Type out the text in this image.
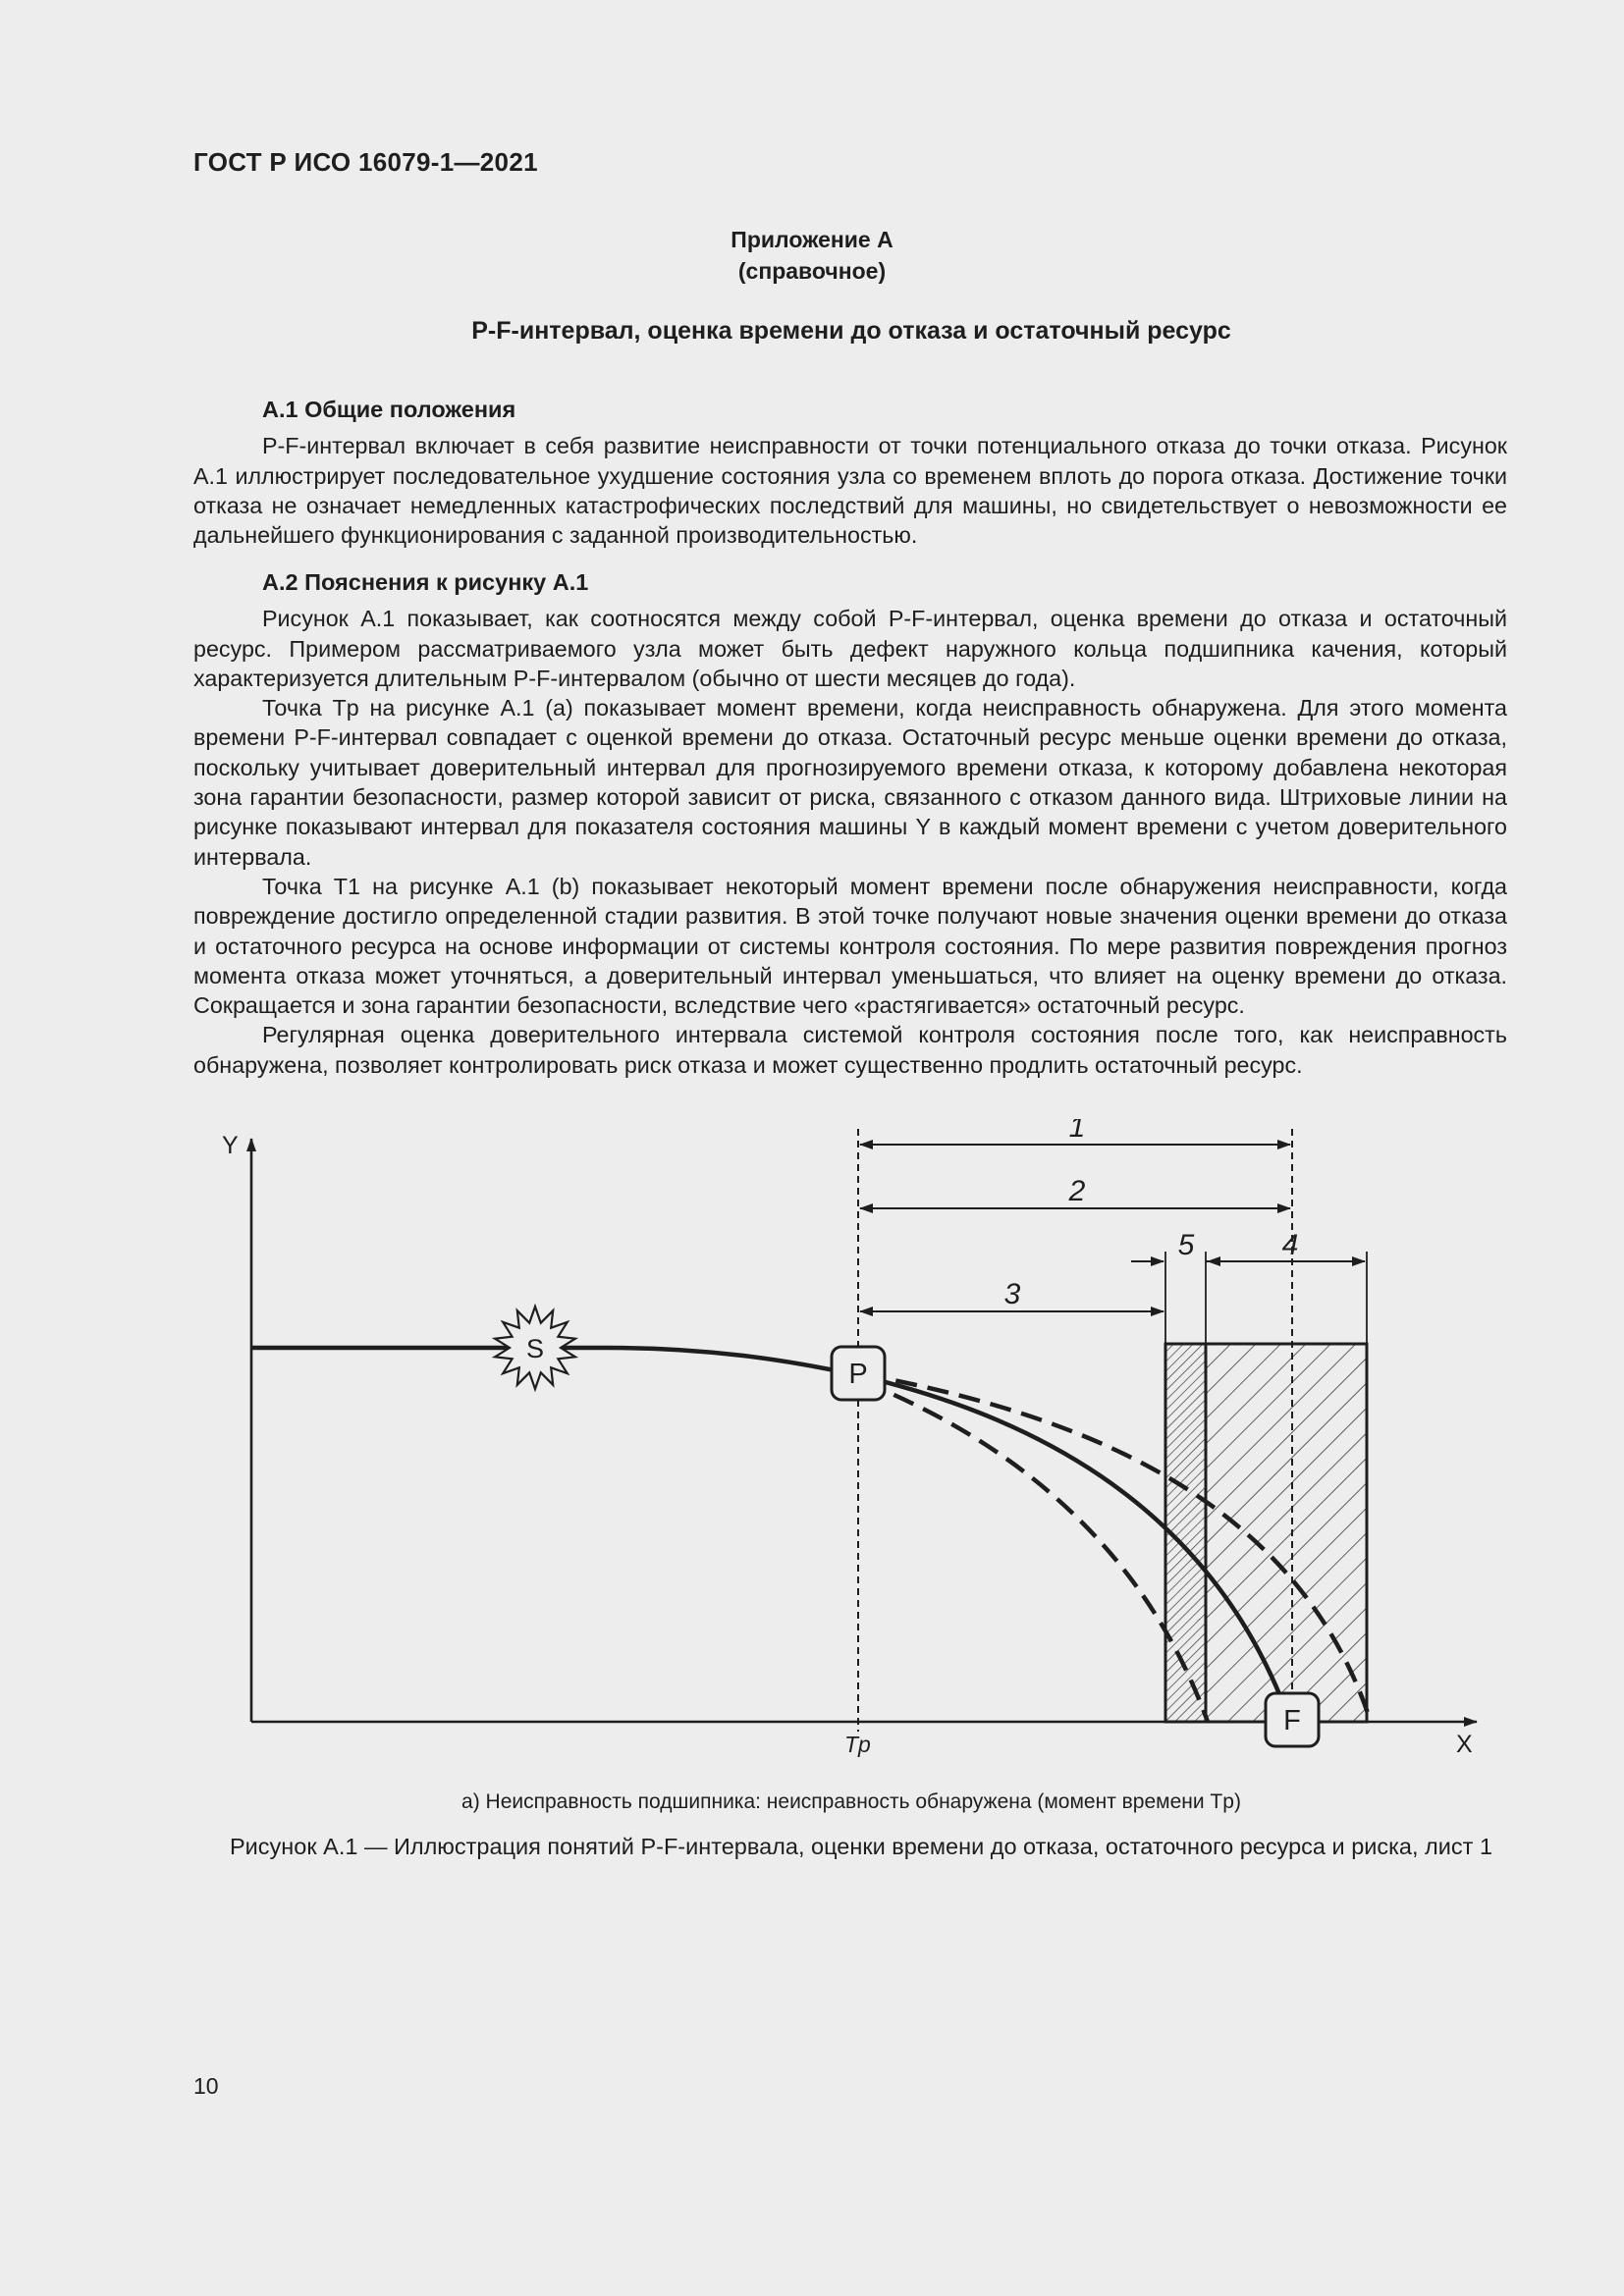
ГОСТ Р ИСО 16079-1—2021
Приложение А
(справочное)
P-F-интервал, оценка времени до отказа и остаточный ресурс
А.1 Общие положения

P-F-интервал включает в себя развитие неисправности от точки потенциального отказа до точки отказа. Рисунок А.1 иллюстрирует последовательное ухудшение состояния узла со временем вплоть до порога отказа. Достижение точки отказа не означает немедленных катастрофических последствий для машины, но свидетельствует о невозможности ее дальнейшего функционирования с заданной производительностью.

А.2 Пояснения к рисунку А.1

Рисунок А.1 показывает, как соотносятся между собой P-F-интервал, оценка времени до отказа и остаточный ресурс. Примером рассматриваемого узла может быть дефект наружного кольца подшипника качения, который характеризуется длительным P-F-интервалом (обычно от шести месяцев до года).

Точка Tp на рисунке А.1 (а) показывает момент времени, когда неисправность обнаружена. Для этого момента времени P-F-интервал совпадает с оценкой времени до отказа. Остаточный ресурс меньше оценки времени до отказа, поскольку учитывает доверительный интервал для прогнозируемого времени отказа, к которому добавлена некоторая зона гарантии безопасности, размер которой зависит от риска, связанного с отказом данного вида. Штриховые линии на рисунке показывают интервал для показателя состояния машины Y в каждый момент времени с учетом доверительного интервала.

Точка T1 на рисунке А.1 (b) показывает некоторый момент времени после обнаружения неисправности, когда повреждение достигло определенной стадии развития. В этой точке получают новые значения оценки времени до отказа и остаточного ресурса на основе информации от системы контроля состояния. По мере развития повреждения прогноз момента отказа может уточняться, а доверительный интервал уменьшаться, что влияет на оценку времени до отказа. Сокращается и зона гарантии безопасности, вследствие чего «растягивается» остаточный ресурс.

Регулярная оценка доверительного интервала системой контроля состояния после того, как неисправность обнаружена, позволяет контролировать риск отказа и может существенно продлить остаточный ресурс.

Y
X
Tр
1
2
3
5	4
S
P
F
а) Неисправность подшипника: неисправность обнаружена (момент времени Tр)
Рисунок А.1 — Иллюстрация понятий P-F-интервала, оценки времени до отказа, остаточного ресурса и риска, лист 1
10
